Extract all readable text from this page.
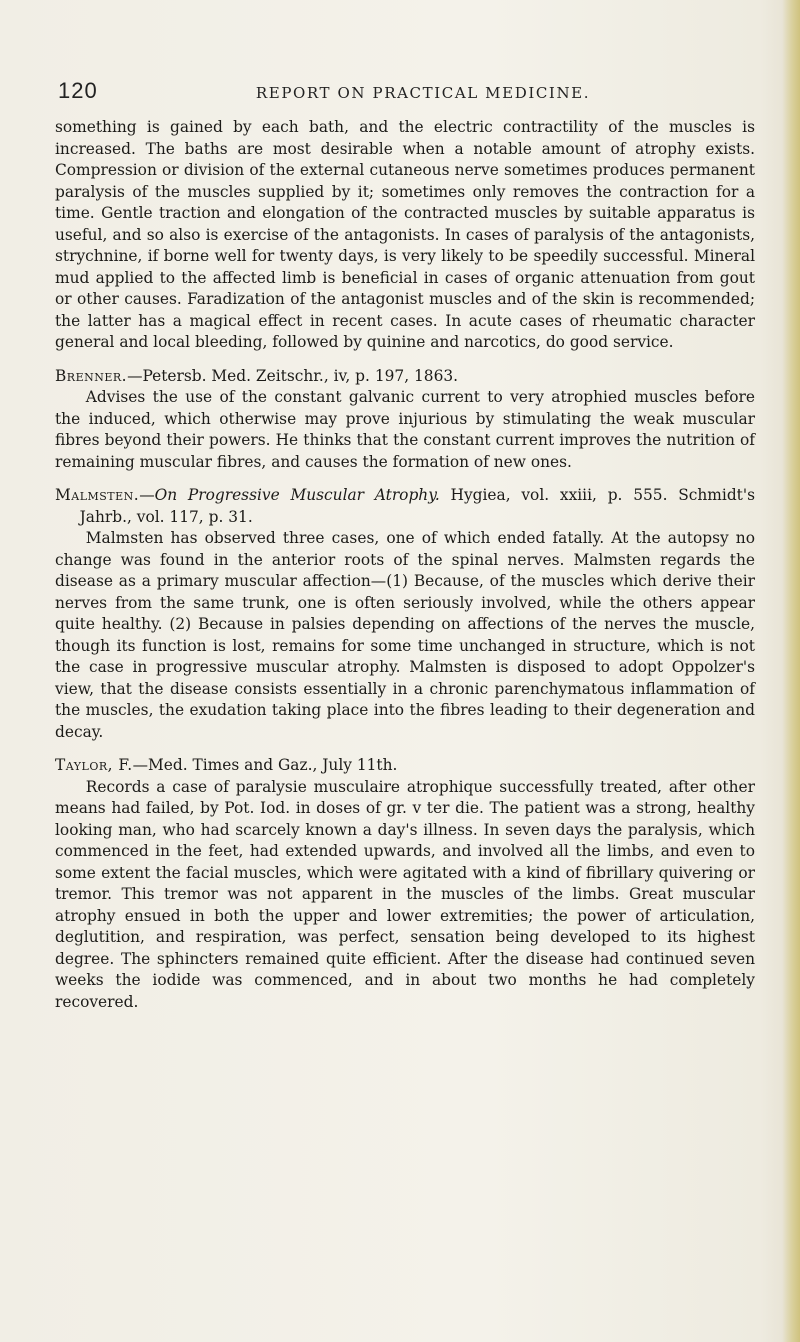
120	REPORT ON PRACTICAL MEDICINE.

something is gained by each bath, and the electric contractility of the muscles is increased. The baths are most desirable when a notable amount of atrophy exists. Compression or division of the external cutaneous nerve sometimes produces permanent paralysis of the muscles supplied by it; sometimes only removes the contraction for a time. Gentle traction and elongation of the contracted muscles by suitable apparatus is useful, and so also is exercise of the antagonists. In cases of paralysis of the antagonists, strychnine, if borne well for twenty days, is very likely to be speedily successful. Mineral mud applied to the affected limb is beneficial in cases of organic attenuation from gout or other causes. Faradization of the antagonist muscles and of the skin is recommended; the latter has a magical effect in recent cases. In acute cases of rheumatic character general and local bleeding, followed by quinine and narcotics, do good service.

Brenner.—Petersb. Med. Zeitschr., iv, p. 197, 1863.

Advises the use of the constant galvanic current to very atrophied muscles before the induced, which otherwise may prove injurious by stimulating the weak muscular fibres beyond their powers. He thinks that the constant current improves the nutrition of remaining muscular fibres, and causes the formation of new ones.

Malmsten.—On Progressive Muscular Atrophy. Hygiea, vol. xxiii, p. 555. Schmidt's Jahrb., vol. 117, p. 31.

Malmsten has observed three cases, one of which ended fatally. At the autopsy no change was found in the anterior roots of the spinal nerves. Malmsten regards the disease as a primary muscular affection—(1) Because, of the muscles which derive their nerves from the same trunk, one is often seriously involved, while the others appear quite healthy. (2) Because in palsies depending on affections of the nerves the muscle, though its function is lost, remains for some time unchanged in structure, which is not the case in progressive muscular atrophy. Malmsten is disposed to adopt Oppolzer's view, that the disease consists essentially in a chronic parenchymatous inflammation of the muscles, the exudation taking place into the fibres leading to their degeneration and decay.

Taylor, F.—Med. Times and Gaz., July 11th.

Records a case of paralysie musculaire atrophique successfully treated, after other means had failed, by Pot. Iod. in doses of gr. v ter die. The patient was a strong, healthy looking man, who had scarcely known a day's illness. In seven days the paralysis, which commenced in the feet, had extended upwards, and involved all the limbs, and even to some extent the facial muscles, which were agitated with a kind of fibrillary quivering or tremor. This tremor was not apparent in the muscles of the limbs. Great muscular atrophy ensued in both the upper and lower extremities; the power of articulation, deglutition, and respiration, was perfect, sensation being developed to its highest degree. The sphincters remained quite efficient. After the disease had continued seven weeks the iodide was commenced, and in about two months he had completely recovered.
